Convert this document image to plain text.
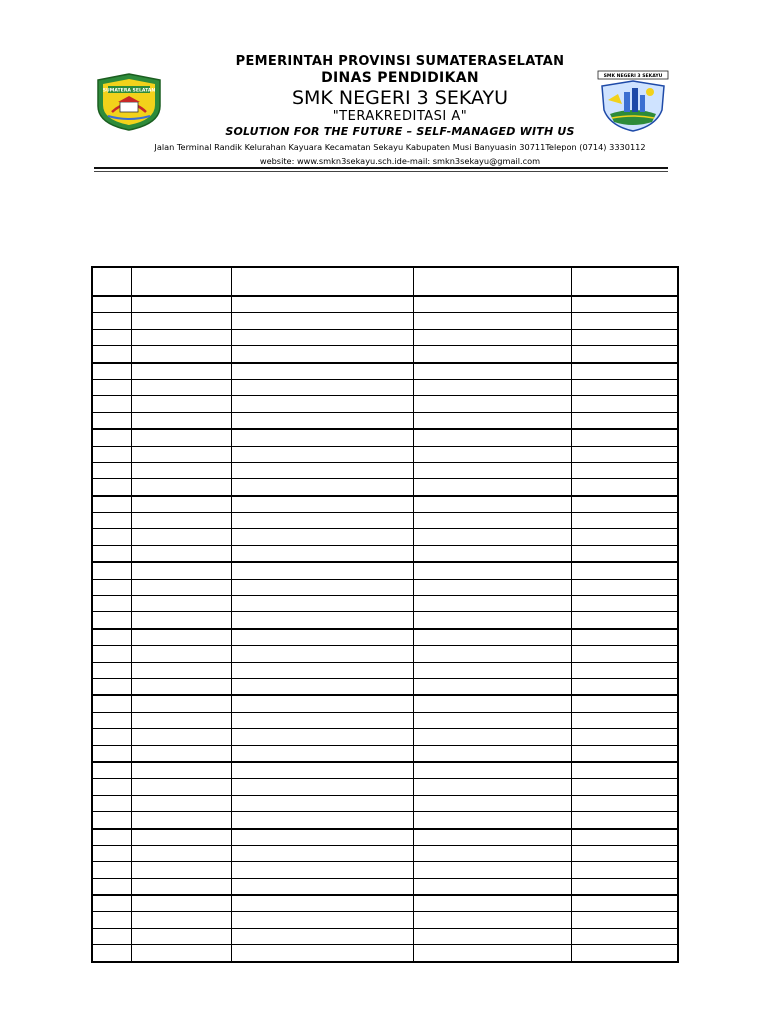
SUMATERA SELATAN
SMK NEGERI 3 SEKAYU
PEMERINTAH PROVINSI SUMATERASELATAN
DINAS PENDIDIKAN
SMK NEGERI 3 SEKAYU
"TERAKREDITASI A"
SOLUTION FOR THE FUTURE – SELF-MANAGED WITH US
Jalan Terminal Randik Kelurahan Kayuara Kecamatan Sekayu Kabupaten Musi Banyuasin 30711Telepon (0714) 3330112
website: www.smkn3sekayu.sch.ide-mail: smkn3sekayu@gmail.com
